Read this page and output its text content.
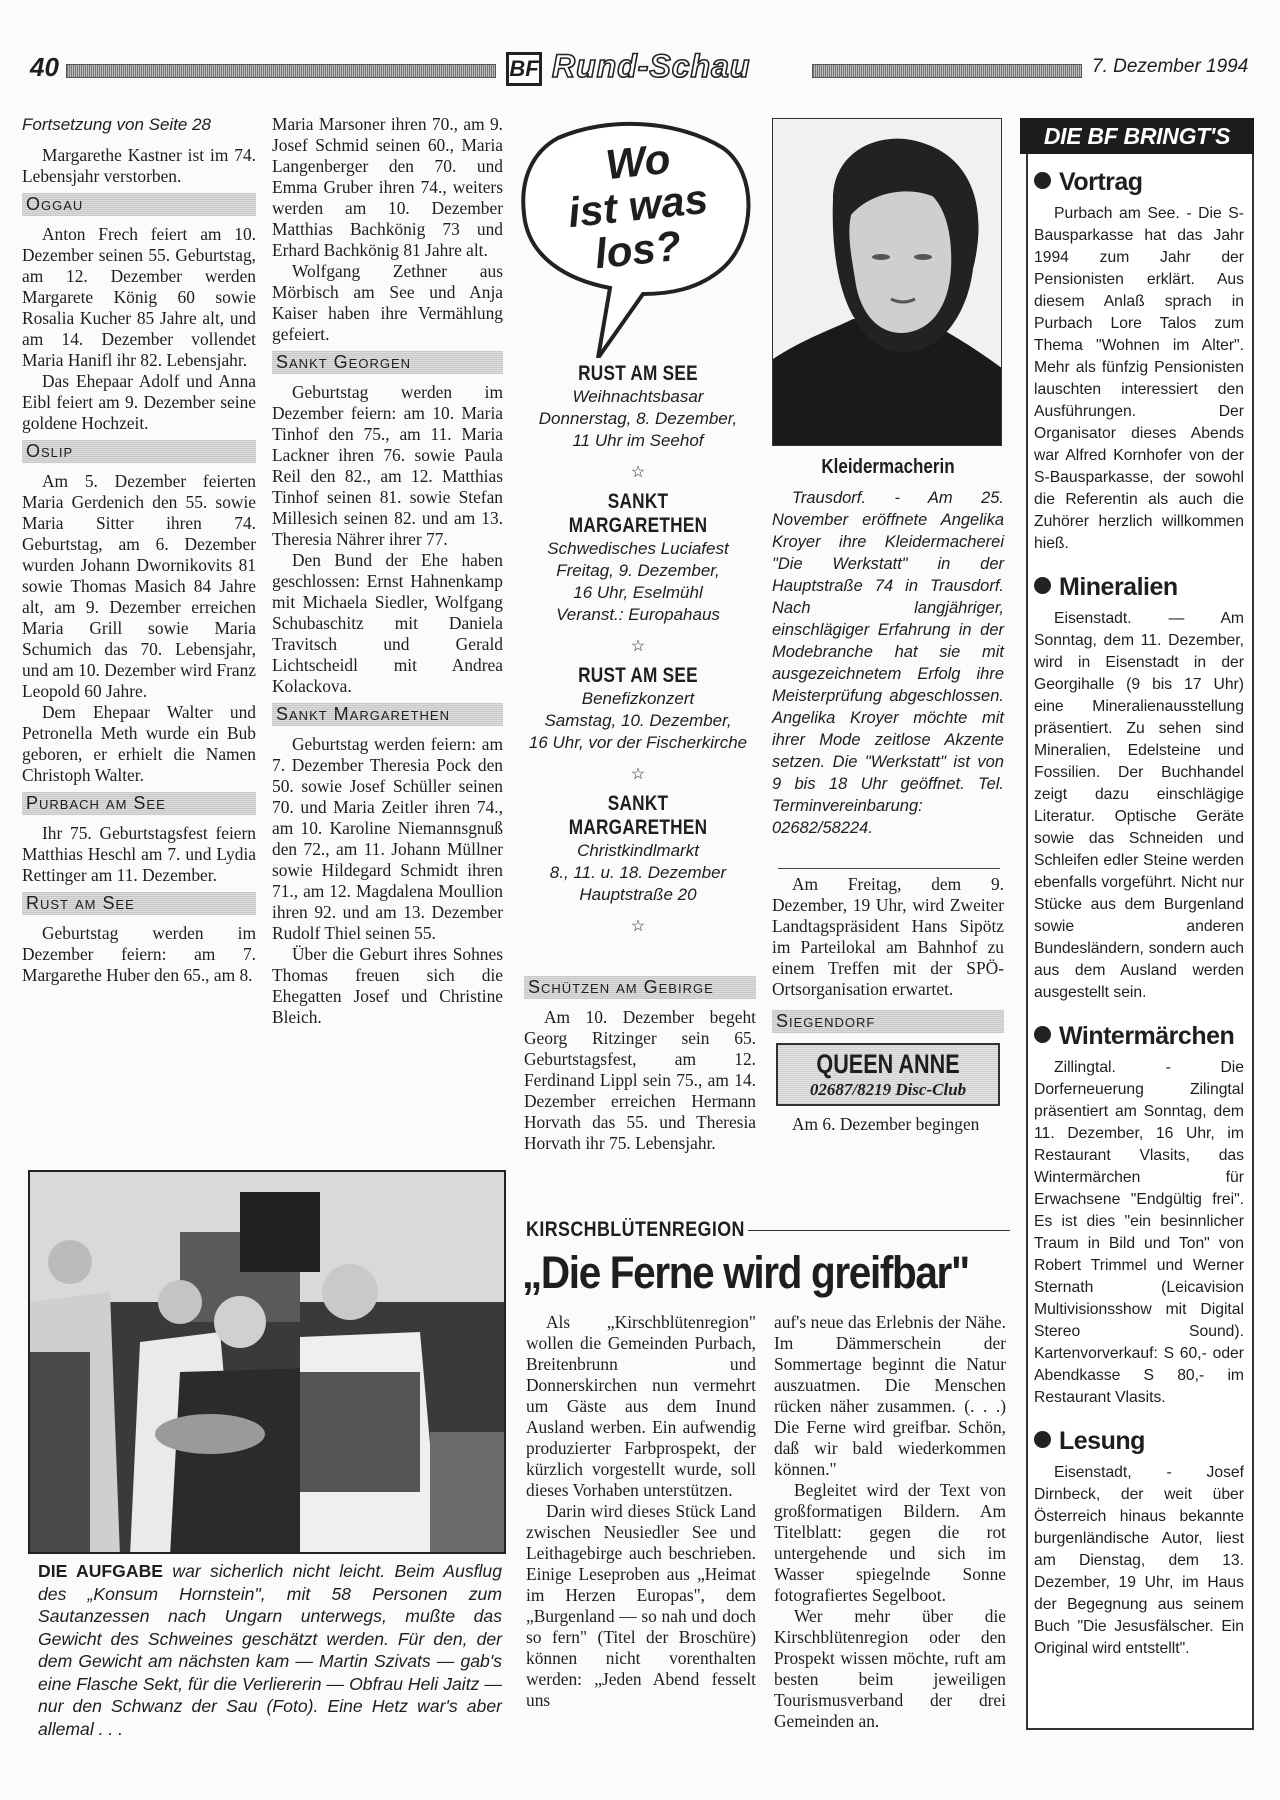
40	BF Rund-Schau	7. Dezember 1994
Fortsetzung von Seite 28

Margarethe Kastner ist im 74. Lebensjahr verstorben.

Oggau

Anton Frech feiert am 10. Dezember seinen 55. Geburtstag, am 12. Dezember werden Margarete König 60 sowie Rosalia Kucher 85 Jahre alt, und am 14. Dezember vollendet Maria Hanifl ihr 82. Lebensjahr.

Das Ehepaar Adolf und Anna Eibl feiert am 9. Dezember seine goldene Hochzeit.

Oslip

Am 5. Dezember feierten Maria Gerdenich den 55. sowie Maria Sitter ihren 74. Geburtstag, am 6. Dezember wurden Johann Dwornikovits 81 sowie Thomas Masich 84 Jahre alt, am 9. Dezember erreichen Maria Grill sowie Maria Schumich das 70. Lebensjahr, und am 10. Dezember wird Franz Leopold 60 Jahre.

Dem Ehepaar Walter und Petronella Meth wurde ein Bub geboren, er erhielt die Namen Christoph Walter.

Purbach am See

Ihr 75. Geburtstagsfest feiern Matthias Heschl am 7. und Lydia Rettinger am 11. Dezember.

Rust am See

Geburtstag werden im Dezember feiern: am 7. Margarethe Huber den 65., am 8.

Maria Marsoner ihren 70., am 9. Josef Schmid seinen 60., Maria Langenberger den 70. und Emma Gruber ihren 74., weiters werden am 10. Dezember Matthias Bachkönig 73 und Erhard Bachkönig 81 Jahre alt.

Wolfgang Zethner aus Mörbisch am See und Anja Kaiser haben ihre Vermählung gefeiert.

Sankt Georgen

Geburtstag werden im Dezember feiern: am 10. Maria Tinhof den 75., am 11. Maria Lackner ihren 76. sowie Paula Reil den 82., am 12. Matthias Tinhof seinen 81. sowie Stefan Millesich seinen 82. und am 13. Theresia Nährer ihrer 77.

Den Bund der Ehe haben geschlossen: Ernst Hahnenkamp mit Michaela Siedler, Wolfgang Schubaschitz mit Daniela Travitsch und Gerald Lichtscheidl mit Andrea Kolackova.

Sankt Margarethen

Geburtstag werden feiern: am 7. Dezember Theresia Pock den 50. sowie Josef Schüller seinen 70. und Maria Zeitler ihren 74., am 10. Karoline Niemannsgnuß den 72., am 11. Johann Müllner sowie Hildegard Schmidt ihren 71., am 12. Magdalena Moullion ihren 92. und am 13. Dezember Rudolf Thiel seinen 55.

Über die Geburt ihres Sohnes Thomas freuen sich die Ehegatten Josef und Christine Bleich.

Wo
ist was
los?
RUST AM SEE
Weihnachtsbasar
Donnerstag, 8. Dezember,
11 Uhr im Seehof
☆
SANKT MARGARETHEN
Schwedisches Luciafest
Freitag, 9. Dezember,
16 Uhr, Eselmühl
Veranst.: Europahaus
☆
RUST AM SEE
Benefizkonzert
Samstag, 10. Dezember,
16 Uhr, vor der Fischerkirche
☆
SANKT MARGARETHEN
Christkindlmarkt
8., 11. u. 18. Dezember
Hauptstraße 20
☆
Schützen am Gebirge

Am 10. Dezember begeht Georg Ritzinger sein 65. Geburtstagsfest, am 12. Ferdinand Lippl sein 75., am 14. Dezember erreichen Hermann Horvath das 55. und Theresia Horvath ihr 75. Lebensjahr.

Kleidermacherin

Trausdorf. - Am 25. November eröffnete Angelika Kroyer ihre Kleidermacherei "Die Werkstatt" in der Hauptstraße 74 in Trausdorf. Nach langjähriger, einschlägiger Erfahrung in der Modebranche hat sie mit ausgezeichnetem Erfolg ihre Meisterprüfung abgeschlossen. Angelika Kroyer möchte mit ihrer Mode zeitlose Akzente setzen. Die "Werkstatt" ist von 9 bis 18 Uhr geöffnet. Tel. Terminvereinbarung: 02682/58224.

Am Freitag, dem 9. Dezember, 19 Uhr, wird Zweiter Landtagspräsident Hans Sipötz im Parteilokal am Bahnhof zu einem Treffen mit der SPÖ-Ortsorganisation erwartet.

Siegendorf
QUEEN ANNE
02687/8219 Disc-Club

Am 6. Dezember begingen

DIE BF BRINGT'S
Vortrag

Purbach am See. - Die S-Bausparkasse hat das Jahr 1994 zum Jahr der Pensionisten erklärt. Aus diesem Anlaß sprach in Purbach Lore Talos zum Thema "Wohnen im Alter". Mehr als fünfzig Pensionisten lauschten interessiert den Ausführungen. Der Organisator dieses Abends war Alfred Kornhofer von der S-Bausparkasse, der sowohl die Referentin als auch die Zuhörer herzlich willkommen hieß.

Mineralien

Eisenstadt. — Am Sonntag, dem 11. Dezember, wird in Eisenstadt in der Georgihalle (9 bis 17 Uhr) eine Mineralienausstellung präsentiert. Zu sehen sind Mineralien, Edelsteine und Fossilien. Der Buchhandel zeigt dazu einschlägige Literatur. Optische Geräte sowie das Schneiden und Schleifen edler Steine werden ebenfalls vorgeführt. Nicht nur Stücke aus dem Burgenland sowie anderen Bundesländern, sondern auch aus dem Ausland werden ausgestellt sein.

Wintermärchen

Zillingtal. - Die Dorferneuerung Zilingtal präsentiert am Sonntag, dem 11. Dezember, 16 Uhr, im Restaurant Vlasits, das Wintermärchen für Erwachsene "Endgültig frei". Es ist dies "ein besinnlicher Traum in Bild und Ton" von Robert Trimmel und Werner Sternath (Leicavision Multivisionsshow mit Digital Stereo Sound). Kartenvorverkauf: S 60,- oder Abendkasse S 80,- im Restaurant Vlasits.

Lesung

Eisenstadt, - Josef Dirnbeck, der weit über Österreich hinaus bekannte burgenländische Autor, liest am Dienstag, dem 13. Dezember, 19 Uhr, im Haus der Begegnung aus seinem Buch "Die Jesusfälscher. Ein Original wird entstellt".

DIE AUFGABE war sicherlich nicht leicht. Beim Ausflug des „Konsum Hornstein", mit 58 Personen zum Sautanzessen nach Ungarn unterwegs, mußte das Gewicht des Schweines geschätzt werden. Für den, der dem Gewicht am nächsten kam — Martin Szivats — gab's eine Flasche Sekt, für die Verliererin — Obfrau Heli Jaitz — nur den Schwanz der Sau (Foto). Eine Hetz war's aber allemal . . .
KIRSCHBLÜTENREGION
„Die Ferne wird greifbar"

Als „Kirschblütenregion" wollen die Gemeinden Purbach, Breitenbrunn und Donnerskirchen nun vermehrt um Gäste aus dem Inund Ausland werben. Ein aufwendig produzierter Farbprospekt, der kürzlich vorgestellt wurde, soll dieses Vorhaben unterstützen.

Darin wird dieses Stück Land zwischen Neusiedler See und Leithagebirge auch beschrieben. Einige Leseproben aus „Heimat im Herzen Europas", dem „Burgenland — so nah und doch so fern" (Titel der Broschüre) können nicht vorenthalten werden: „Jeden Abend fesselt uns

auf's neue das Erlebnis der Nähe. Im Dämmerschein der Sommertage beginnt die Natur auszuatmen. Die Menschen rücken näher zusammen. (. . .) Die Ferne wird greifbar. Schön, daß wir bald wiederkommen können."

Begleitet wird der Text von großformatigen Bildern. Am Titelblatt: gegen die rot untergehende und sich im Wasser spiegelnde Sonne fotografiertes Segelboot.

Wer mehr über die Kirschblütenregion oder den Prospekt wissen möchte, ruft am besten beim jeweiligen Tourismusverband der drei Gemeinden an.
